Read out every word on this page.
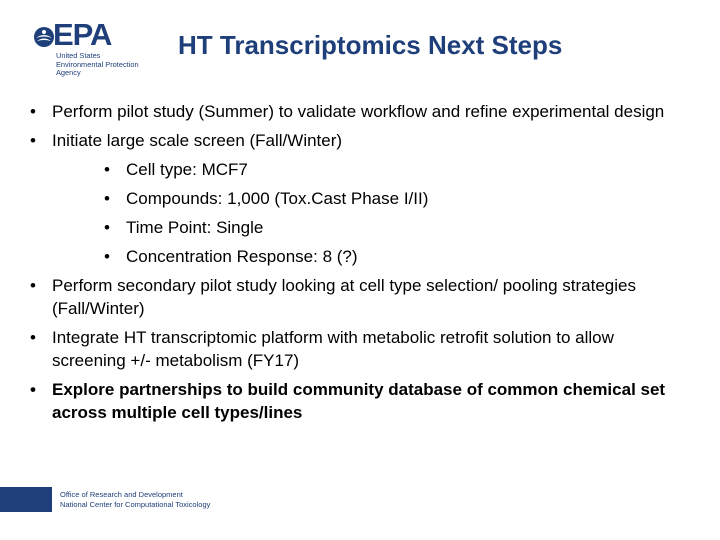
EPA
United States
Environmental Protection
Agency
HT Transcriptomics Next Steps
• Perform pilot study (Summer) to validate workflow and refine experimental design
• Initiate large scale screen (Fall/Winter)
• Cell type: MCF7
• Compounds: 1,000 (Tox.Cast Phase I/II)
• Time Point: Single
• Concentration Response: 8 (?)
• Perform secondary pilot study looking at cell type selection/ pooling strategies (Fall/Winter)
• Integrate HT transcriptomic platform with metabolic retrofit solution to allow screening +/- metabolism (FY17)
• Explore partnerships to build community database of common chemical set across multiple cell types/lines
Office of Research and Development
National Center for Computational Toxicology
